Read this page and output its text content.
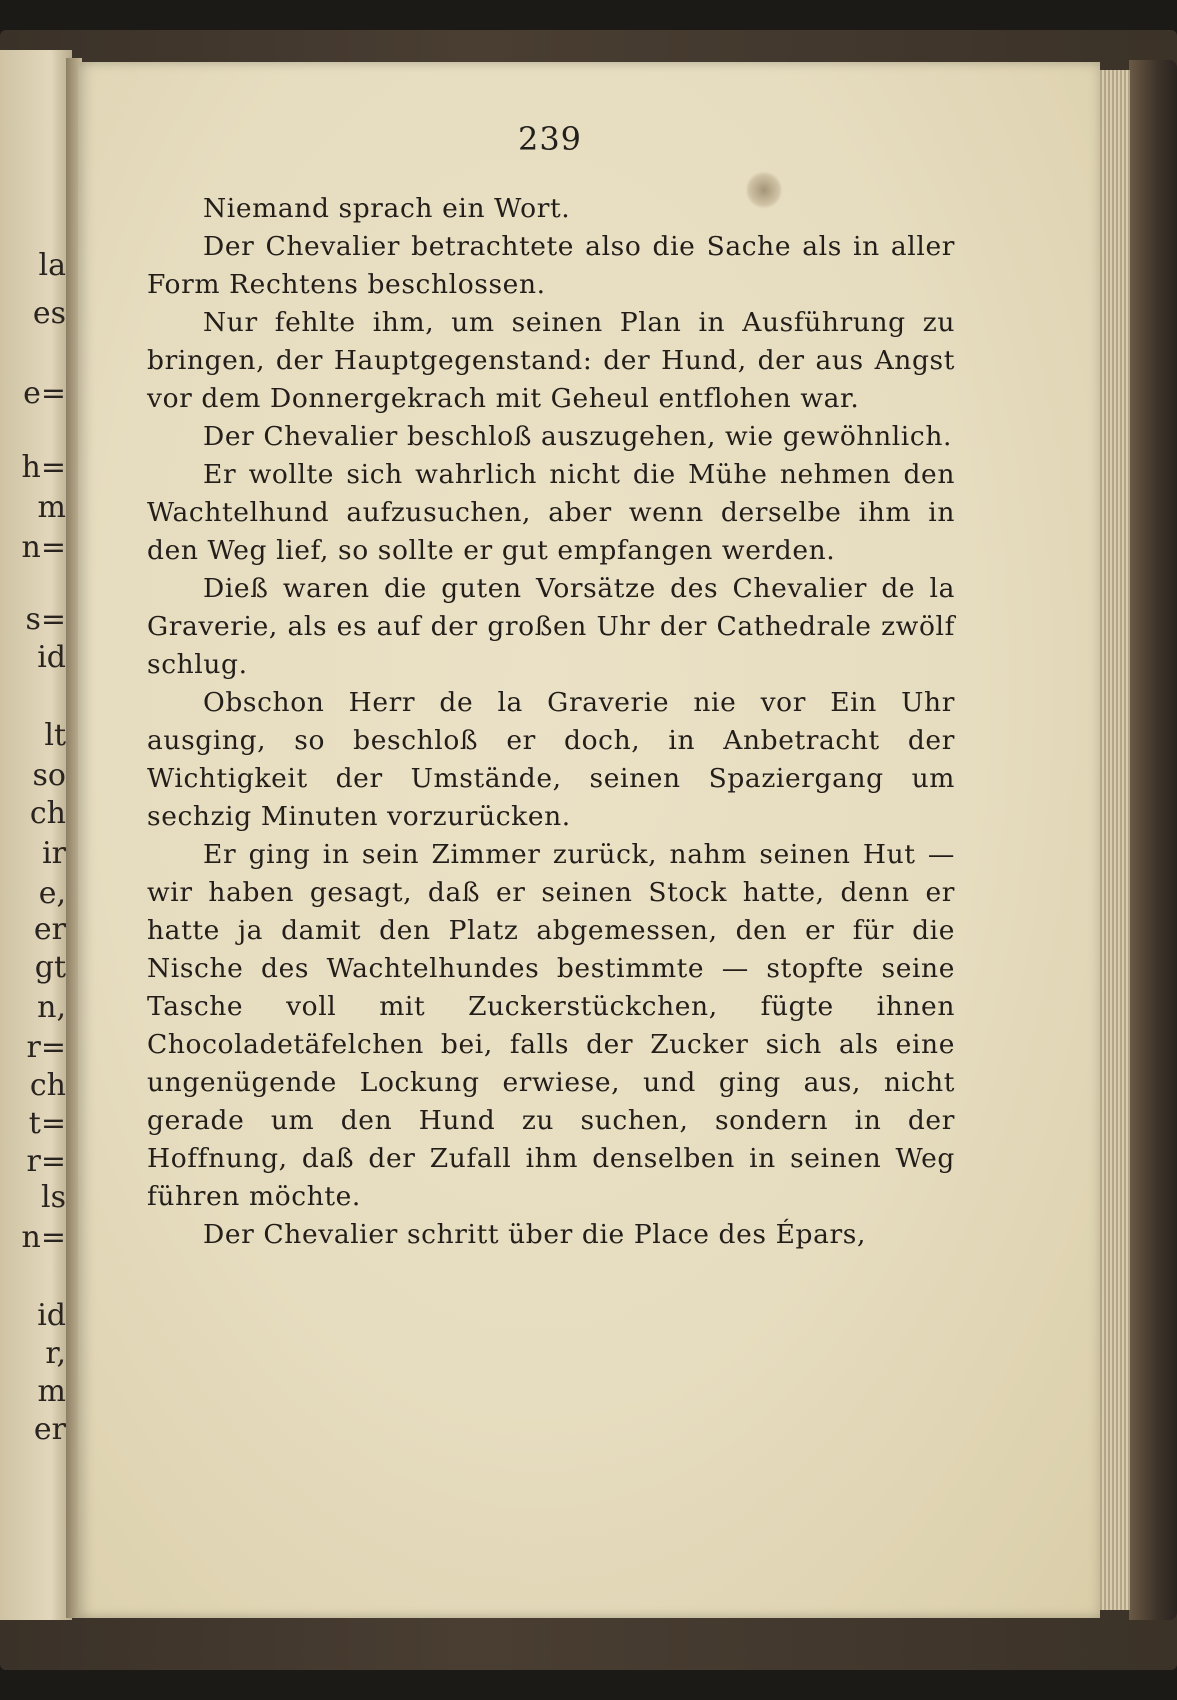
la
es
e=
h=
m
n=
s=
id
lt
so
ch
ir
e,
er
gt
n,
r=
ch
t=
r=
ls
n=
id
r,
m
er
239

Niemand sprach ein Wort.

Der Chevalier betrachtete also die Sache als in aller Form Rechtens beschlossen.

Nur fehlte ihm, um seinen Plan in Ausführung zu bringen, der Hauptgegenstand: der Hund, der aus Angst vor dem Donnergekrach mit Geheul entflohen war.

Der Chevalier beschloß auszugehen, wie gewöhnlich.

Er wollte sich wahrlich nicht die Mühe nehmen den Wachtelhund aufzusuchen, aber wenn derselbe ihm in den Weg lief, so sollte er gut empfangen werden.

Dieß waren die guten Vorsätze des Chevalier de la Graverie, als es auf der großen Uhr der Cathedrale zwölf schlug.

Obschon Herr de la Graverie nie vor Ein Uhr ausging, so beschloß er doch, in Anbetracht der Wichtigkeit der Umstände, seinen Spaziergang um sechzig Minuten vorzurücken.

Er ging in sein Zimmer zurück, nahm seinen Hut — wir haben gesagt, daß er seinen Stock hatte, denn er hatte ja damit den Platz abgemessen, den er für die Nische des Wachtelhundes bestimmte — stopfte seine Tasche voll mit Zuckerstückchen, fügte ihnen Chocoladetäfelchen bei, falls der Zucker sich als eine ungenügende Lockung erwiese, und ging aus, nicht gerade um den Hund zu suchen, sondern in der Hoffnung, daß der Zufall ihm denselben in seinen Weg führen möchte.

Der Chevalier schritt über die Place des Épars,
